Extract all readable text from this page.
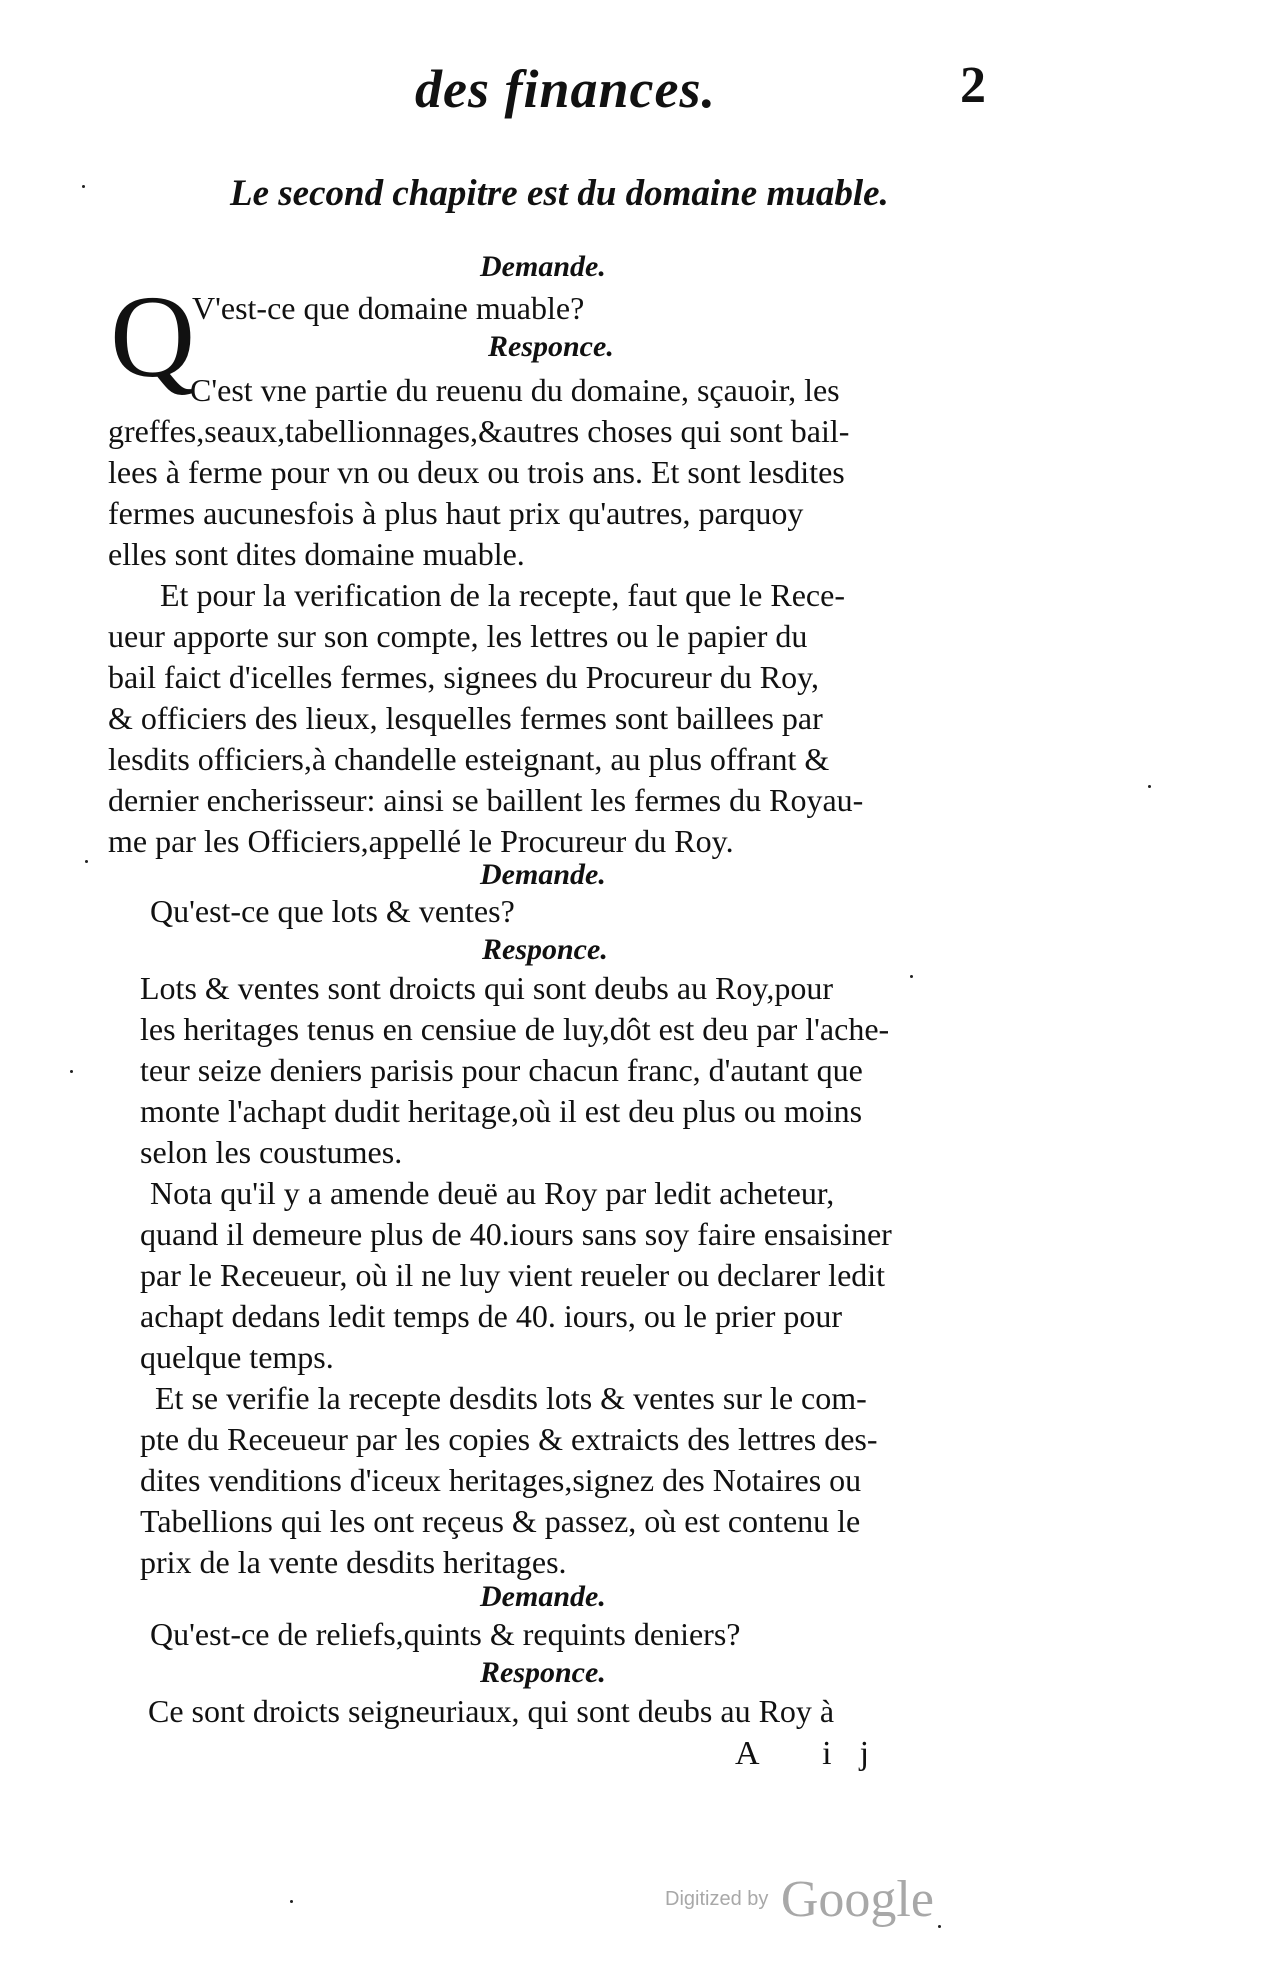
des finances.	2
Le second chapitre est du domaine muable.
Demande.
Q
V'est-ce que domaine muable?
Responce.
C'est vne partie du reuenu du domaine, sçauoir, les
greffes,seaux,tabellionnages,&autres choses qui sont bail-
lees à ferme pour vn ou deux ou trois ans. Et sont lesdites
fermes aucunesfois à plus haut prix qu'autres, parquoy
elles sont dites domaine muable.
Et pour la verification de la recepte, faut que le Rece-
ueur apporte sur son compte, les lettres ou le papier du
bail faict d'icelles fermes, signees du Procureur du Roy,
& officiers des lieux, lesquelles fermes sont baillees par
lesdits officiers,à chandelle esteignant, au plus offrant &
dernier encherisseur: ainsi se baillent les fermes du Royau-
me par les Officiers,appellé le Procureur du Roy.
Demande.
Qu'est-ce que lots & ventes?
Responce.
Lots & ventes sont droicts qui sont deubs au Roy,pour
les heritages tenus en censiue de luy,dôt est deu par l'ache-
teur seize deniers parisis pour chacun franc, d'autant que
monte l'achapt dudit heritage,où il est deu plus ou moins
selon les coustumes.
Nota qu'il y a amende deuë au Roy par ledit acheteur,
quand il demeure plus de 40.iours sans soy faire ensaisiner
par le Receueur, où il ne luy vient reueler ou declarer ledit
achapt dedans ledit temps de 40. iours, ou le prier pour
quelque temps.
Et se verifie la recepte desdits lots & ventes sur le com-
pte du Receueur par les copies & extraicts des lettres des-
dites venditions d'iceux heritages,signez des Notaires ou
Tabellions qui les ont reçeus & passez, où est contenu le
prix de la vente desdits heritages.
Demande.
Qu'est-ce de reliefs,quints & requints deniers?
Responce.
Ce sont droicts seigneuriaux, qui sont deubs au Roy à
A ij
Digitized by Google
